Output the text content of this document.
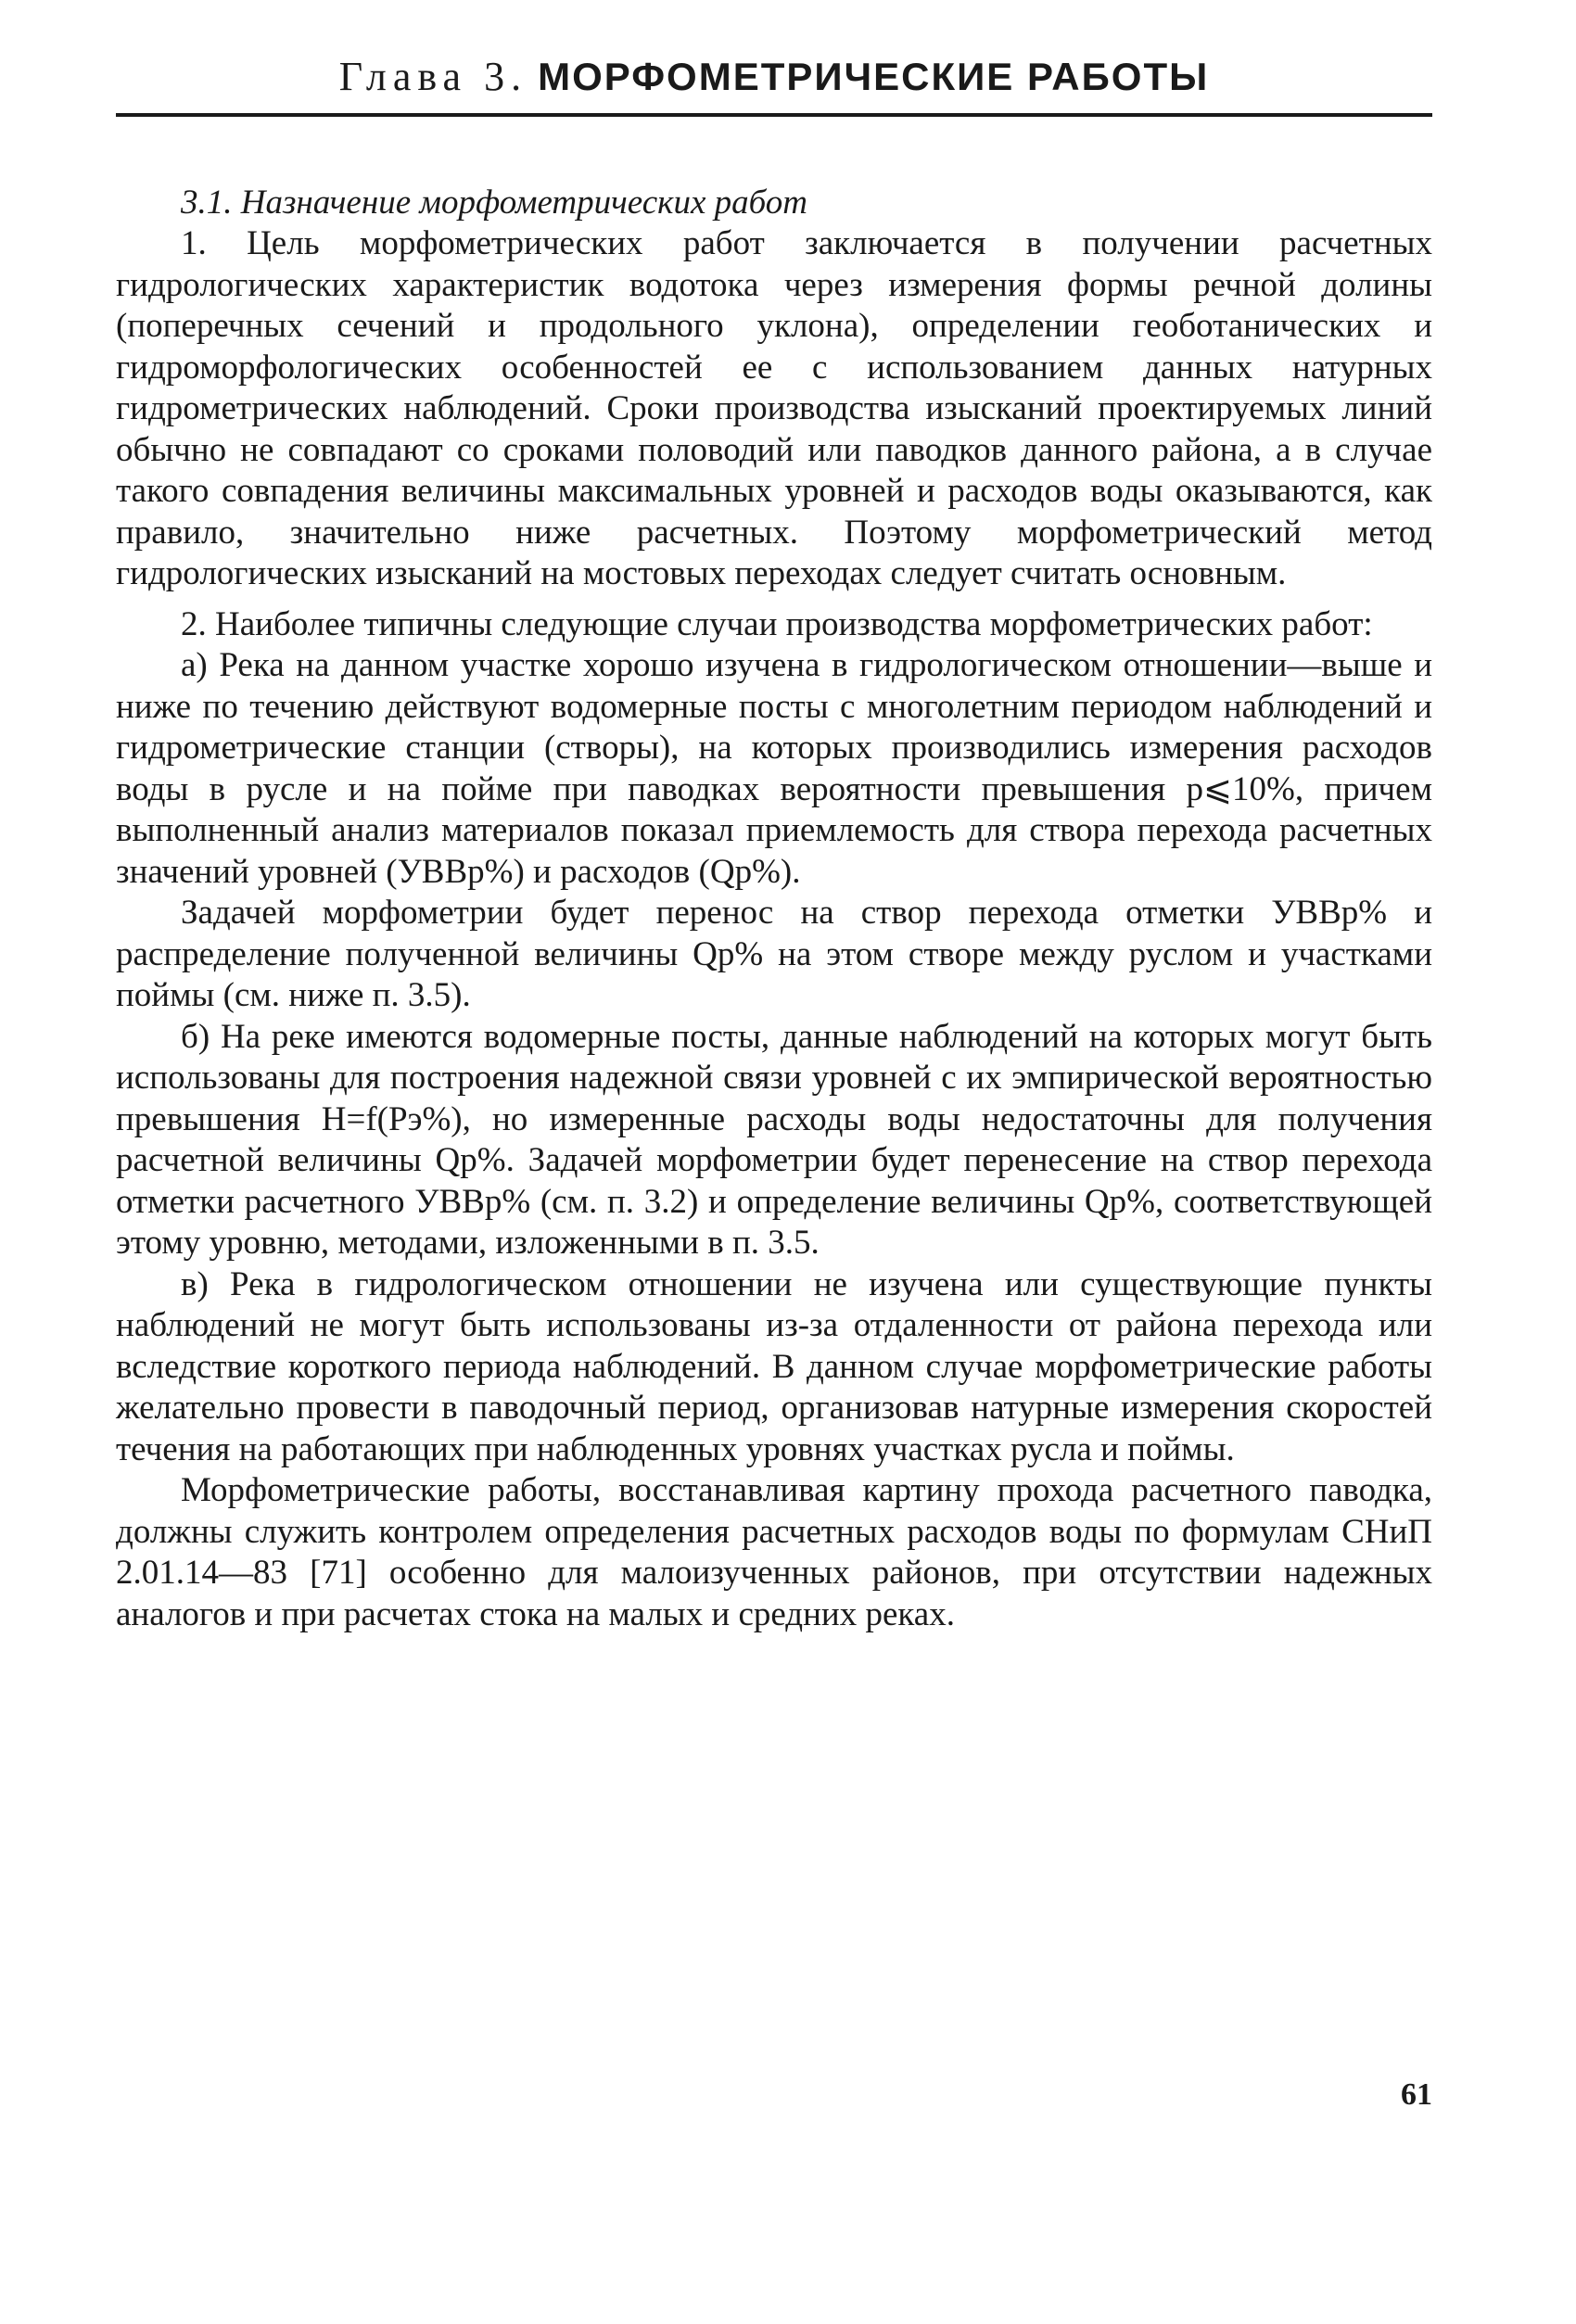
Глава 3. МОРФОМЕТРИЧЕСКИЕ РАБОТЫ
3.1. Назначение морфометрических работ

1. Цель морфометрических работ заключается в получении расчетных гидрологических характеристик водотока через измерения формы речной долины (поперечных сечений и продольного уклона), определении геоботанических и гидроморфологических особенностей ее с использованием данных натурных гидрометрических наблюдений. Сроки производства изысканий проектируемых линий обычно не совпадают со сроками половодий или паводков данного района, а в случае такого совпадения величины максимальных уровней и расходов воды оказываются, как правило, значительно ниже расчетных. Поэтому морфометрический метод гидрологических изысканий на мостовых переходах следует считать основным.

2. Наиболее типичны следующие случаи производства морфометрических работ:

а) Река на данном участке хорошо изучена в гидрологическом отношении—выше и ниже по течению действуют водомерные посты с многолетним периодом наблюдений и гидрометрические станции (створы), на которых производились измерения расходов воды в русле и на пойме при паводках вероятности превышения p⩽10%, причем выполненный анализ материалов показал приемлемость для створа перехода расчетных значений уровней (УВВp%) и расходов (Qp%).

Задачей морфометрии будет перенос на створ перехода отметки УВВp% и распределение полученной величины Qp% на этом створе между руслом и участками поймы (см. ниже п. 3.5).

б) На реке имеются водомерные посты, данные наблюдений на которых могут быть использованы для построения надежной связи уровней с их эмпирической вероятностью превышения H=f(Pэ%), но измеренные расходы воды недостаточны для получения расчетной величины Qp%. Задачей морфометрии будет перенесение на створ перехода отметки расчетного УВВp% (см. п. 3.2) и определение величины Qp%, соответствующей этому уровню, методами, изложенными в п. 3.5.

в) Река в гидрологическом отношении не изучена или существующие пункты наблюдений не могут быть использованы из-за отдаленности от района перехода или вследствие короткого периода наблюдений. В данном случае морфометрические работы желательно провести в паводочный период, организовав натурные измерения скоростей течения на работающих при наблюденных уровнях участках русла и поймы.

Морфометрические работы, восстанавливая картину прохода расчетного паводка, должны служить контролем определения расчетных расходов воды по формулам СНиП 2.01.14—83 [71] особенно для малоизученных районов, при отсутствии надежных аналогов и при расчетах стока на малых и средних реках.

61
